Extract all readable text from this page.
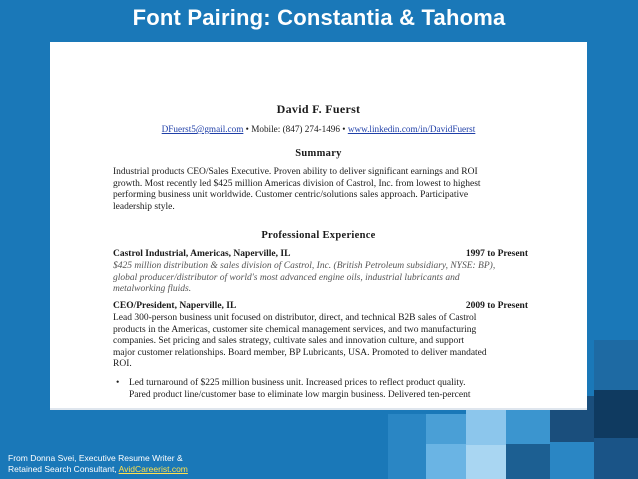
Font Pairing: Constantia & Tahoma
David F. Fuerst
DFuerst5@gmail.com • Mobile: (847) 274-1496 • www.linkedin.com/in/DavidFuerst
Summary
Industrial products CEO/Sales Executive. Proven ability to deliver significant earnings and ROI
growth. Most recently led $425 million Americas division of Castrol, Inc. from lowest to highest
performing business unit worldwide. Customer centric/solutions sales approach. Participative
leadership style.
Professional Experience
Castrol Industrial, Americas, Naperville, IL	1997 to Present
$425 million distribution & sales division of Castrol, Inc. (British Petroleum subsidiary, NYSE: BP),
global producer/distributor of world's most advanced engine oils, industrial lubricants and
metalworking fluids.
CEO/President, Naperville, IL	2009 to Present
Lead 300-person business unit focused on distributor, direct, and technical B2B sales of Castrol
products in the Americas, customer site chemical management services, and two manufacturing
companies. Set pricing and sales strategy, cultivate sales and innovation culture, and support
major customer relationships. Board member, BP Lubricants, USA. Promoted to deliver mandated
ROI.
• Led turnaround of $225 million business unit. Increased prices to reflect product quality.
Pared product line/customer base to eliminate low margin business. Delivered ten-percent
From Donna Svei, Executive Resume Writer &
Retained Search Consultant, AvidCareerist.com
